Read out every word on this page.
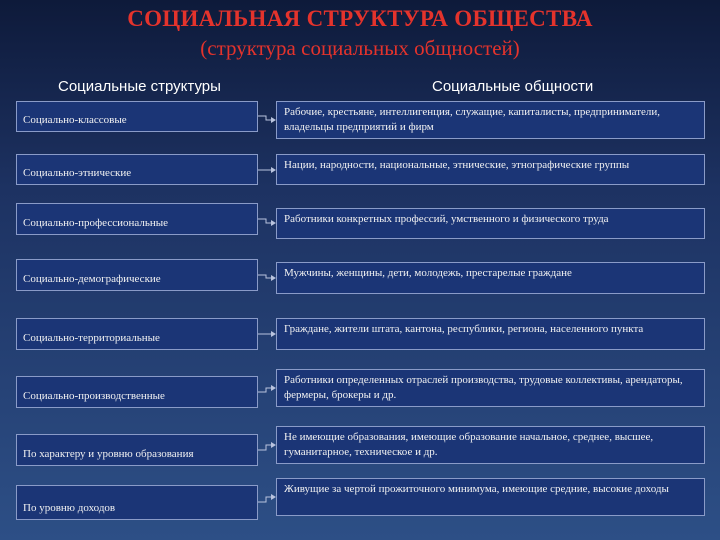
СОЦИАЛЬНАЯ СТРУКТУРА ОБЩЕСТВА
(структура социальных общностей)
Социальные структуры	Социальные общности
Социально-классовые
Социально-этнические
Социально-профессиональные
Социально-демографические
Социально-территориальные
Социально-производственные
По характеру и уровню образования
По уровню доходов
Рабочие, крестьяне, интеллигенция, служащие, капиталисты, предприниматели, владельцы предприятий и фирм
Нации, народности, национальные, этнические, этнографические группы
Работники конкретных профессий, умственного и физического труда
Мужчины, женщины, дети, молодежь, престарелые граждане
Граждане, жители штата, кантона, республики, региона, населенного пункта
Работники определенных отраслей производства, трудовые коллективы, арендаторы, фермеры, брокеры и др.
Не имеющие образования, имеющие образование начальное, среднее, высшее, гуманитарное, техническое и др.
Живущие за чертой прожиточного минимума, имеющие средние, высокие доходы
